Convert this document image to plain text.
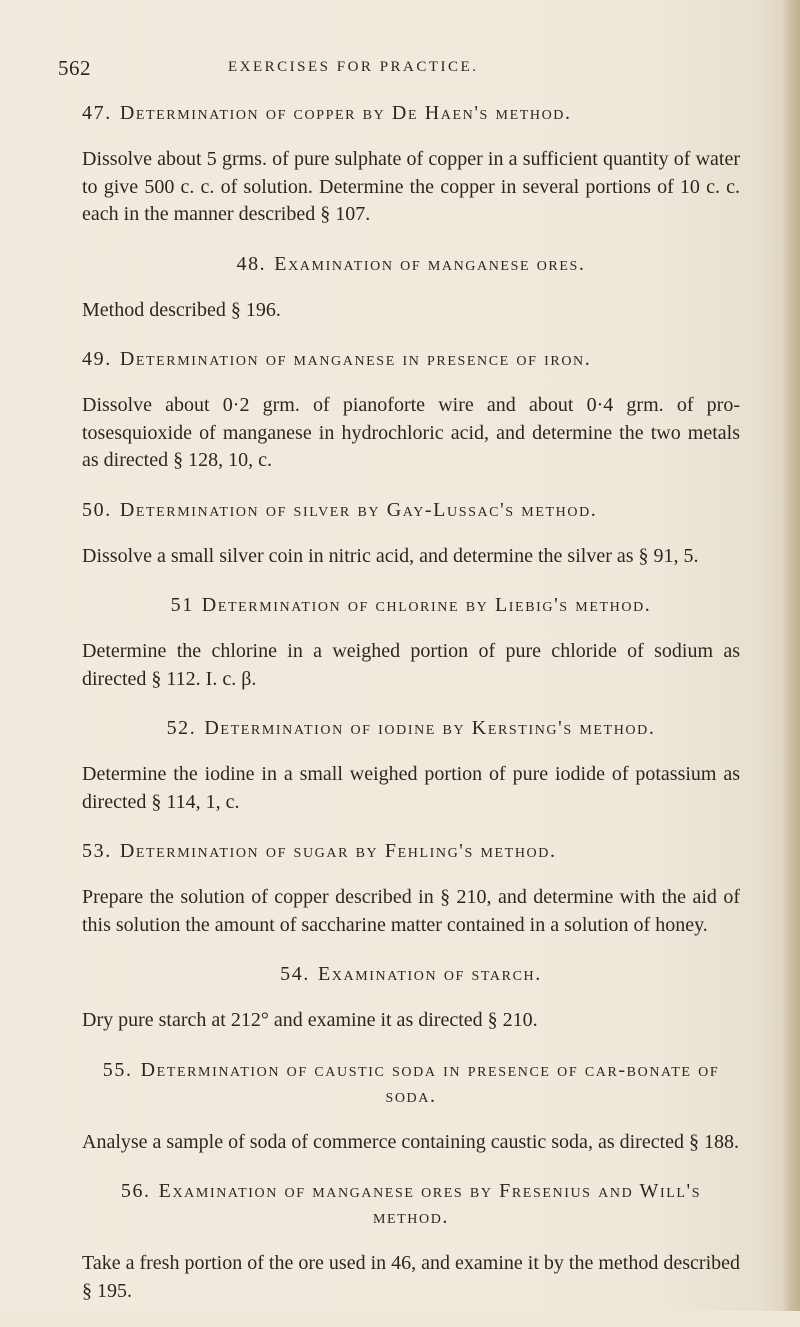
562	EXERCISES FOR PRACTICE.
47. Determination of copper by De Haen's method.

Dissolve about 5 grms. of pure sulphate of copper in a sufficient quantity of water to give 500 c. c. of solution. Determine the copper in several portions of 10 c. c. each in the manner described § 107.

48. Examination of manganese ores.

Method described § 196.

49. Determination of manganese in presence of iron.

Dissolve about 0·2 grm. of pianoforte wire and about 0·4 grm. of pro-tosesquioxide of manganese in hydrochloric acid, and determine the two metals as directed § 128, 10, c.

50. Determination of silver by Gay-Lussac's method.

Dissolve a small silver coin in nitric acid, and determine the silver as § 91, 5.

51 Determination of chlorine by Liebig's method.

Determine the chlorine in a weighed portion of pure chloride of sodium as directed § 112. I. c. β.

52. Determination of iodine by Kersting's method.

Determine the iodine in a small weighed portion of pure iodide of potassium as directed § 114, 1, c.

53. Determination of sugar by Fehling's method.

Prepare the solution of copper described in § 210, and determine with the aid of this solution the amount of saccharine matter contained in a solution of honey.

54. Examination of starch.

Dry pure starch at 212° and examine it as directed § 210.

55. Determination of caustic soda in presence of car-bonate of soda.

Analyse a sample of soda of commerce containing caustic soda, as directed § 188.

56. Examination of manganese ores by Fresenius and Will's method.

Take a fresh portion of the ore used in 46, and examine it by the method described § 195.
